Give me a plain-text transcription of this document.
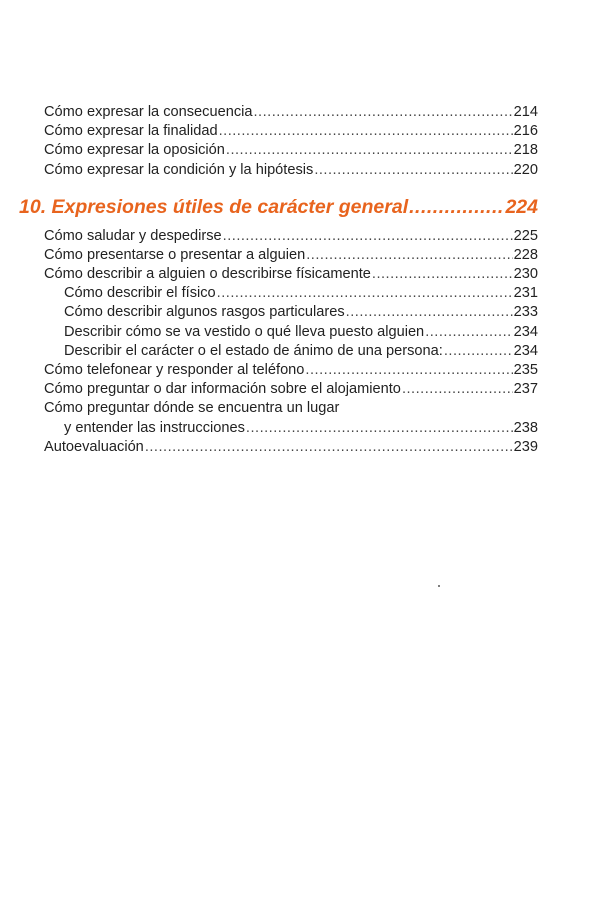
Cómo expresar la consecuencia .....	214
Cómo expresar la finalidad .....	216
Cómo expresar la oposición .....	218
Cómo expresar la condición y la hipótesis .....	220
10. Expresiones útiles de carácter general .....	224
Cómo saludar y despedirse .....	225
Cómo presentarse o presentar a alguien .....	228
Cómo describir a alguien o describirse físicamente .....	230
Cómo describir el físico .....	231
Cómo describir algunos rasgos particulares .....	233
Describir cómo se va vestido o qué lleva puesto alguien .....	234
Describir el carácter o el estado de ánimo de una persona: .....	234
Cómo telefonear y responder al teléfono .....	235
Cómo preguntar o dar información sobre el alojamiento .....	237
Cómo preguntar dónde se encuentra un lugar
y entender las instrucciones .....	238
Autoevaluación .....	239
